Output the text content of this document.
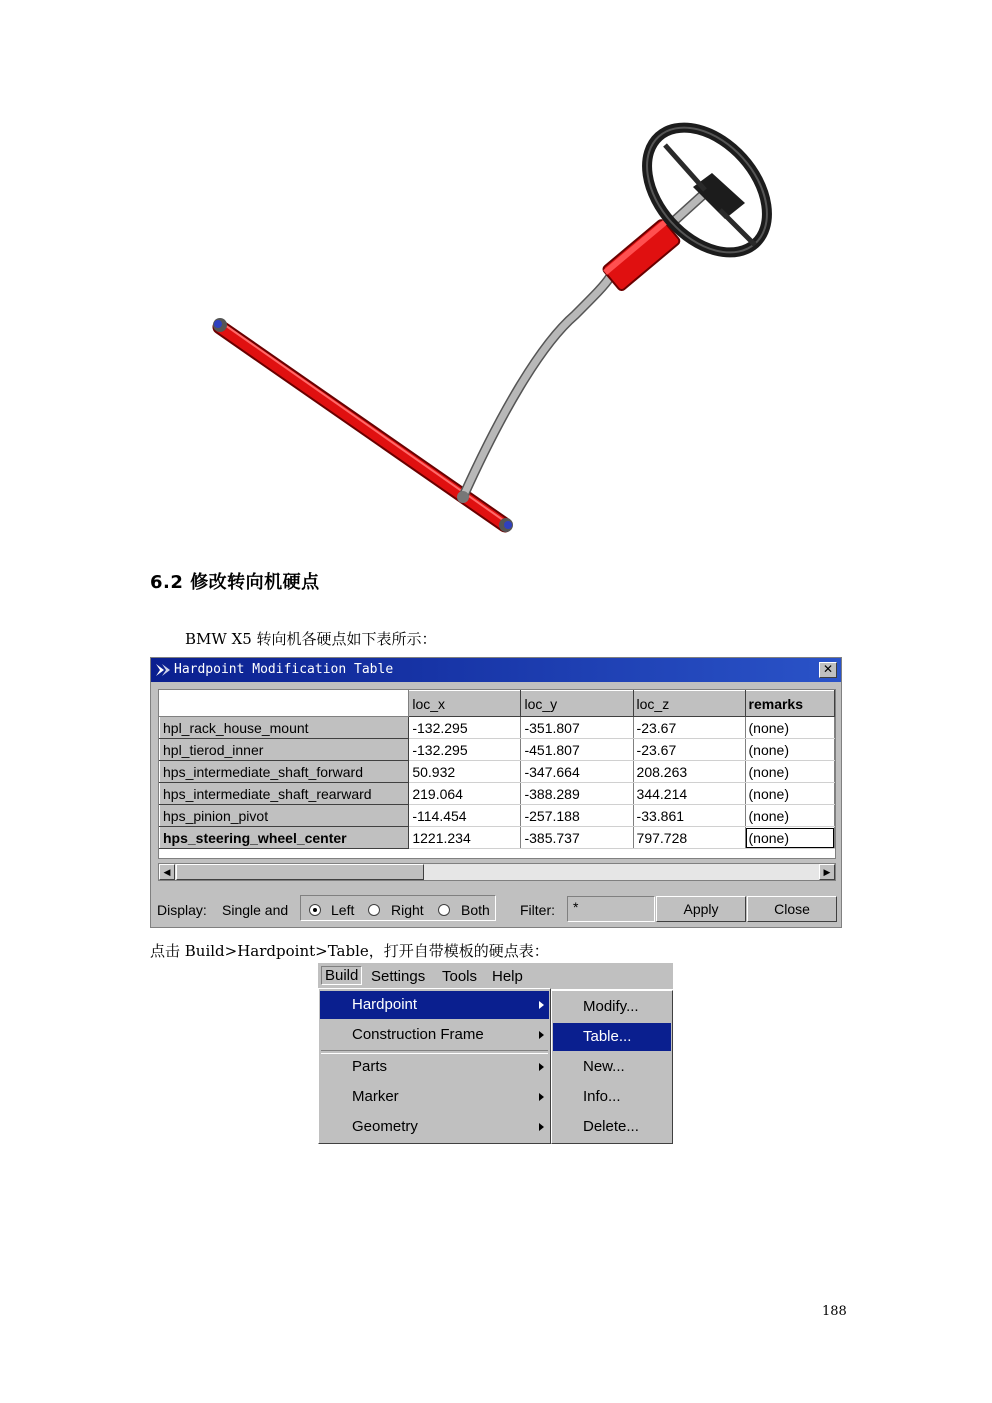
6.2 修改转向机硬点
BMW X5 转向机各硬点如下表所示：
Hardpoint Modification Table	✕
	loc_x	loc_y	loc_z	remarks
hpl_rack_house_mount	-132.295	-351.807	-23.67	(none)
hpl_tierod_inner	-132.295	-451.807	-23.67	(none)
hps_intermediate_shaft_forward	50.932	-347.664	208.263	(none)
hps_intermediate_shaft_rearward	219.064	-388.289	344.214	(none)
hps_pinion_pivot	-114.454	-257.188	-33.861	(none)
hps_steering_wheel_center	1221.234	-385.737	797.728	(none)
◀	▶
Display: Single and	Left	Right	Both Filter:	*	Apply	Close
点击 Build>Hardpoint>Table，打开自带模板的硬点表：
Build Settings Tools Help
Hardpoint
Construction Frame
Parts
Marker
Geometry
Modify...
Table...
New...
Info...
Delete...
188
